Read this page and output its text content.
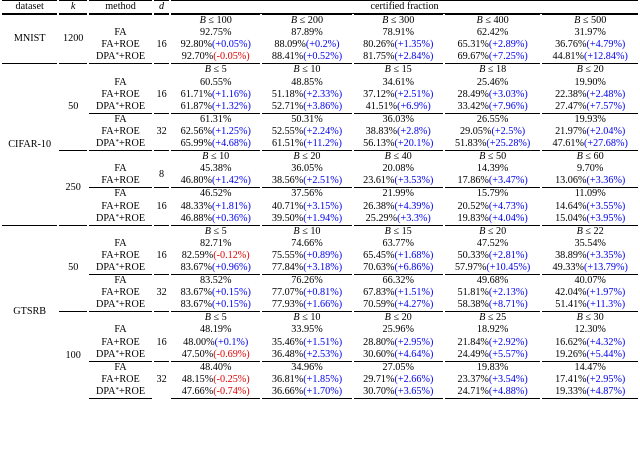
dataset	k	method	d	certified fraction				
MNIST	1200			B ≤ 100	B ≤ 200	B ≤ 300	B ≤ 400	B ≤ 500
		FA	16	92.75%	87.89%	78.91%	62.42%	31.97%
		FA+ROE		92.80%(+0.05%)	88.09%(+0.2%)	80.26%(+1.35%)	65.31%(+2.89%)	36.76%(+4.79%)
		DPA*+ROE		92.70%(-0.05%)	88.41%(+0.52%)	81.75%(+2.84%)	69.67%(+7.25%)	44.81%(+12.84%)
CIFAR-10	50			B ≤ 5	B ≤ 10	B ≤ 15	B ≤ 18	B ≤ 20
		FA	16	60.55%	48.85%	34.61%	25.46%	19.90%
		FA+ROE		61.71%(+1.16%)	51.18%(+2.33%)	37.12%(+2.51%)	28.49%(+3.03%)	22.38%(+2.48%)
		DPA*+ROE		61.87%(+1.32%)	52.71%(+3.86%)	41.51%(+6.9%)	33.42%(+7.96%)	27.47%(+7.57%)
		FA	32	61.31%	50.31%	36.03%	26.55%	19.93%
		FA+ROE		62.56%(+1.25%)	52.55%(+2.24%)	38.83%(+2.8%)	29.05%(+2.5%)	21.97%(+2.04%)
		DPA*+ROE		65.99%(+4.68%)	61.51%(+11.2%)	56.13%(+20.1%)	51.83%(+25.28%)	47.61%(+27.68%)
	250			B ≤ 10	B ≤ 20	B ≤ 40	B ≤ 50	B ≤ 60
		FA	8	45.38%	36.05%	20.08%	14.39%	9.70%
		FA+ROE		46.80%(+1.42%)	38.56%(+2.51%)	23.61%(+3.53%)	17.86%(+3.47%)	13.06%(+3.36%)
		FA	16	46.52%	37.56%	21.99%	15.79%	11.09%
		FA+ROE		48.33%(+1.81%)	40.71%(+3.15%)	26.38%(+4.39%)	20.52%(+4.73%)	14.64%(+3.55%)
		DPA*+ROE		46.88%(+0.36%)	39.50%(+1.94%)	25.29%(+3.3%)	19.83%(+4.04%)	15.04%(+3.95%)
GTSRB	50			B ≤ 5	B ≤ 10	B ≤ 15	B ≤ 20	B ≤ 22
		FA	16	82.71%	74.66%	63.77%	47.52%	35.54%
		FA+ROE		82.59%(-0.12%)	75.55%(+0.89%)	65.45%(+1.68%)	50.33%(+2.81%)	38.89%(+3.35%)
		DPA*+ROE		83.67%(+0.96%)	77.84%(+3.18%)	70.63%(+6.86%)	57.97%(+10.45%)	49.33%(+13.79%)
		FA	32	83.52%	76.26%	66.32%	49.68%	40.07%
		FA+ROE		83.67%(+0.15%)	77.07%(+0.81%)	67.83%(+1.51%)	51.81%(+2.13%)	42.04%(+1.97%)
		DPA*+ROE		83.67%(+0.15%)	77.93%(+1.66%)	70.59%(+4.27%)	58.38%(+8.71%)	51.41%(+11.3%)
	100			B ≤ 5	B ≤ 10	B ≤ 20	B ≤ 25	B ≤ 30
		FA	16	48.19%	33.95%	25.96%	18.92%	12.30%
		FA+ROE		48.00%(+0.1%)	35.46%(+1.51%)	28.80%(+2.95%)	21.84%(+2.92%)	16.62%(+4.32%)
		DPA*+ROE		47.50%(-0.69%)	36.48%(+2.53%)	30.60%(+4.64%)	24.49%(+5.57%)	19.26%(+5.44%)
		FA	32	48.40%	34.96%	27.05%	19.83%	14.47%
		FA+ROE		48.15%(-0.25%)	36.81%(+1.85%)	29.71%(+2.66%)	23.37%(+3.54%)	17.41%(+2.95%)
		DPA*+ROE		47.66%(-0.74%)	36.66%(+1.70%)	30.70%(+3.65%)	24.71%(+4.88%)	19.33%(+4.87%)
